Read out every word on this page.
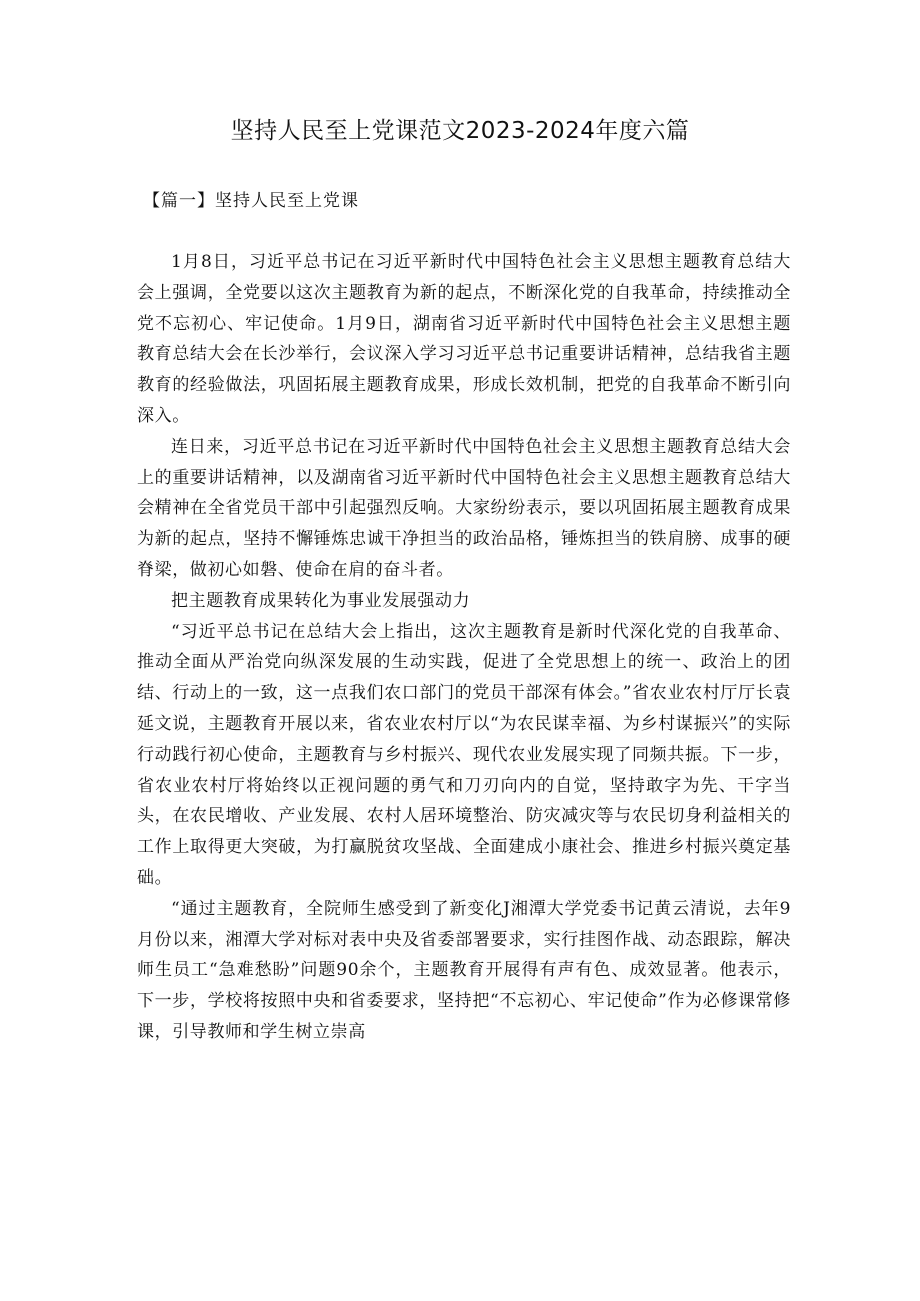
坚持人民至上党课范文2023-2024年度六篇
【篇一】坚持人民至上党课

1月8日，习近平总书记在习近平新时代中国特色社会主义思想主题教育总结大会上强调，全党要以这次主题教育为新的起点，不断深化党的自我革命，持续推动全党不忘初心、牢记使命。1月9日，湖南省习近平新时代中国特色社会主义思想主题教育总结大会在长沙举行，会议深入学习习近平总书记重要讲话精神，总结我省主题教育的经验做法，巩固拓展主题教育成果，形成长效机制，把党的自我革命不断引向深入。

连日来，习近平总书记在习近平新时代中国特色社会主义思想主题教育总结大会上的重要讲话精神，以及湖南省习近平新时代中国特色社会主义思想主题教育总结大会精神在全省党员干部中引起强烈反响。大家纷纷表示，要以巩固拓展主题教育成果为新的起点，坚持不懈锤炼忠诚干净担当的政治品格，锤炼担当的铁肩膀、成事的硬脊梁，做初心如磐、使命在肩的奋斗者。

把主题教育成果转化为事业发展强动力

“习近平总书记在总结大会上指出，这次主题教育是新时代深化党的自我革命、推动全面从严治党向纵深发展的生动实践，促进了全党思想上的统一、政治上的团结、行动上的一致，这一点我们农口部门的党员干部深有体会。”省农业农村厅厅长袁延文说，主题教育开展以来，省农业农村厅以“为农民谋幸福、为乡村谋振兴”的实际行动践行初心使命，主题教育与乡村振兴、现代农业发展实现了同频共振。下一步，省农业农村厅将始终以正视问题的勇气和刀刃向内的自觉，坚持敢字为先、干字当头，在农民增收、产业发展、农村人居环境整治、防灾减灾等与农民切身利益相关的工作上取得更大突破，为打赢脱贫攻坚战、全面建成小康社会、推进乡村振兴奠定基础。

“通过主题教育，全院师生感受到了新变化J湘潭大学党委书记黄云清说，去年9月份以来，湘潭大学对标对表中央及省委部署要求，实行挂图作战、动态跟踪，解决师生员工“急难愁盼”问题90余个，主题教育开展得有声有色、成效显著。他表示，下一步，学校将按照中央和省委要求，坚持把“不忘初心、牢记使命”作为必修课常修课，引导教师和学生树立崇高
